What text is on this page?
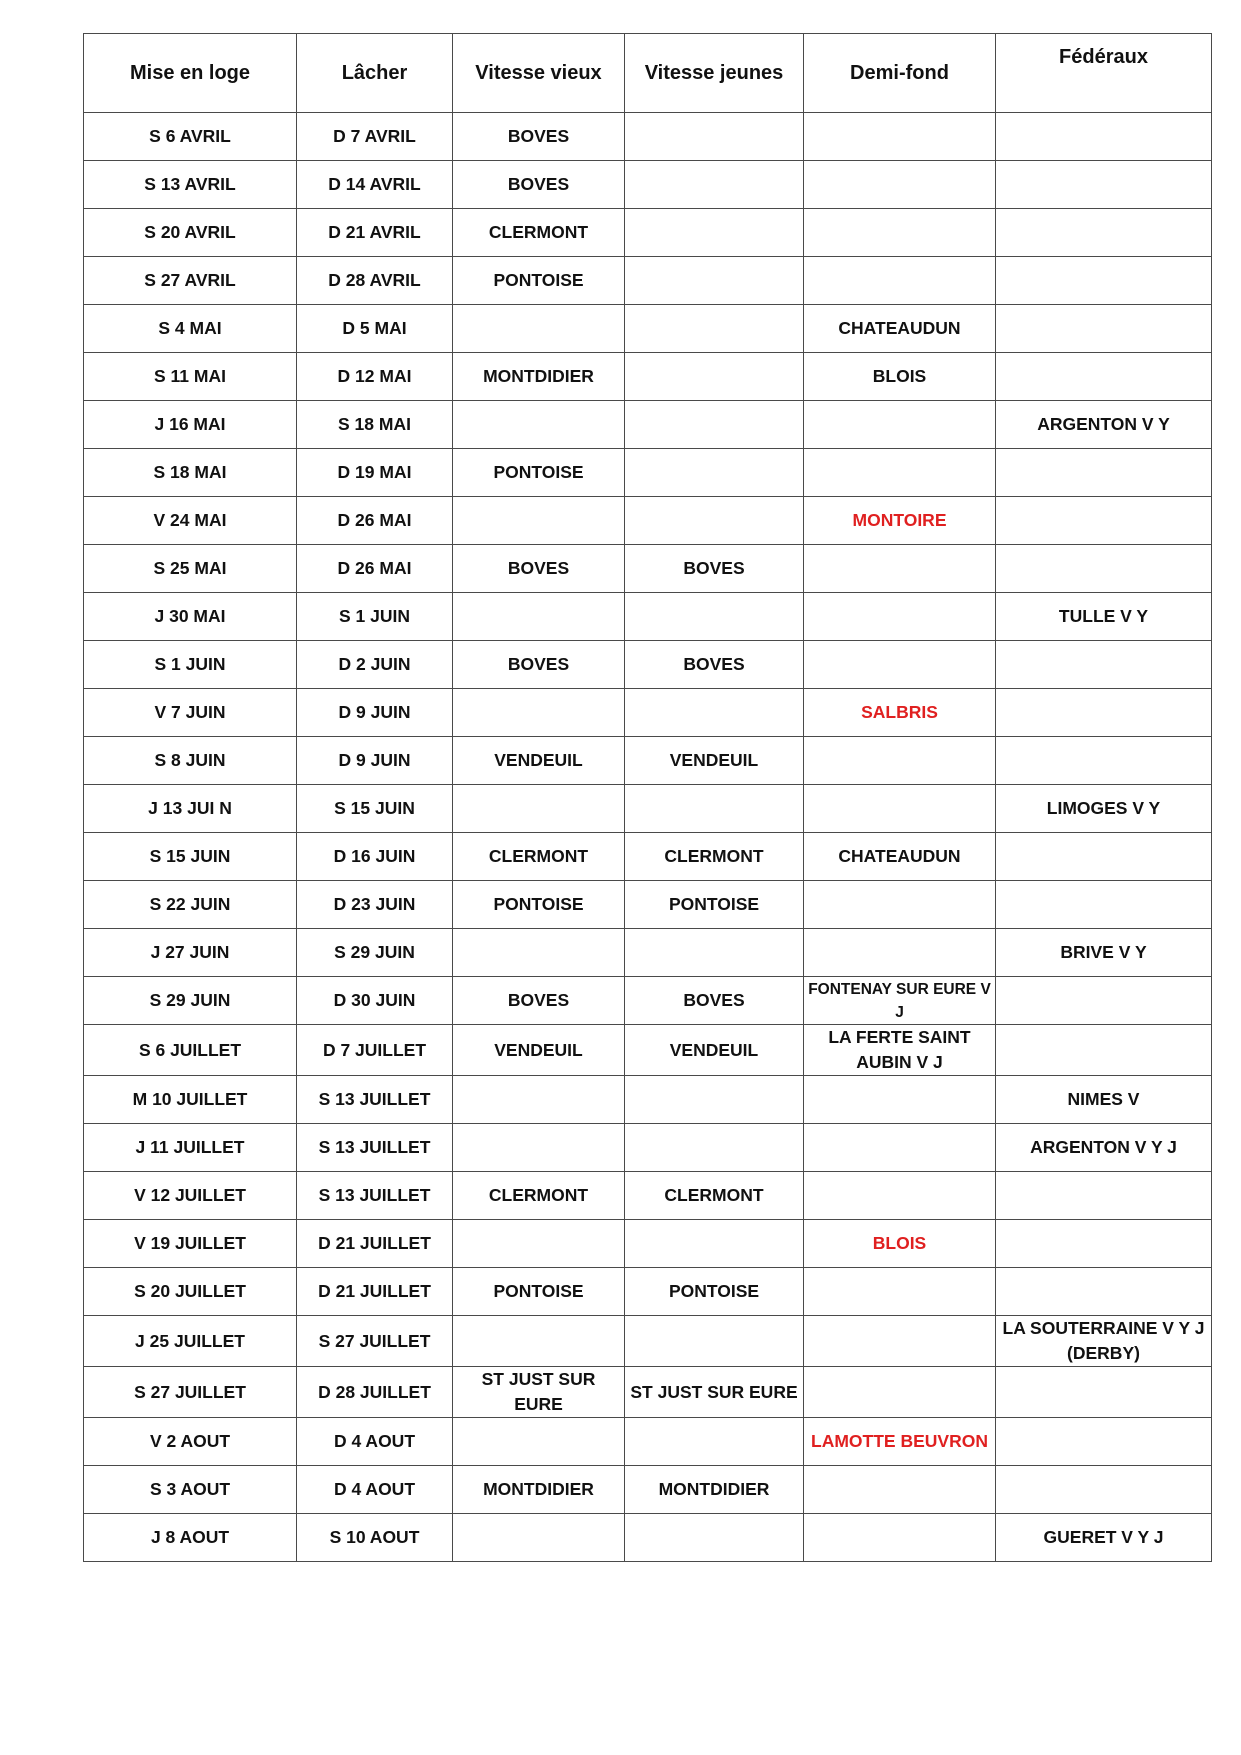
Mise en loge	Lâcher	Vitesse vieux	Vitesse jeunes	Demi-fond	Fédéraux
S 6 AVRIL	D 7 AVRIL	BOVES			
S 13 AVRIL	D 14 AVRIL	BOVES			
S 20 AVRIL	D 21 AVRIL	CLERMONT			
S 27 AVRIL	D 28 AVRIL	PONTOISE			
S 4 MAI	D 5 MAI			CHATEAUDUN	
S 11 MAI	D 12 MAI	MONTDIDIER		BLOIS	
J 16 MAI	S 18 MAI				ARGENTON V Y
S 18 MAI	D 19 MAI	PONTOISE			
V 24 MAI	D 26 MAI			MONTOIRE	
S 25 MAI	D 26 MAI	BOVES	BOVES		
J 30 MAI	S 1 JUIN				TULLE V Y
S 1 JUIN	D 2 JUIN	BOVES	BOVES		
V 7 JUIN	D 9 JUIN			SALBRIS	
S 8 JUIN	D 9 JUIN	VENDEUIL	VENDEUIL		
J 13 JUI N	S 15 JUIN				LIMOGES V Y
S 15 JUIN	D 16 JUIN	CLERMONT	CLERMONT	CHATEAUDUN	
S 22 JUIN	D 23 JUIN	PONTOISE	PONTOISE		
J 27 JUIN	S 29 JUIN				BRIVE V Y
S 29 JUIN	D 30 JUIN	BOVES	BOVES	FONTENAY SUR EURE V J	
S 6 JUILLET	D 7 JUILLET	VENDEUIL	VENDEUIL	LA FERTE SAINT AUBIN V J	
M 10 JUILLET	S 13 JUILLET				NIMES V
J 11 JUILLET	S 13 JUILLET				ARGENTON V Y J
V 12 JUILLET	S 13 JUILLET	CLERMONT	CLERMONT		
V 19 JUILLET	D 21 JUILLET			BLOIS	
S 20 JUILLET	D 21 JUILLET	PONTOISE	PONTOISE		
J 25 JUILLET	S 27 JUILLET				LA SOUTERRAINE V Y J (DERBY)
S 27 JUILLET	D 28 JUILLET	ST JUST SUR EURE	ST JUST SUR EURE		
V 2 AOUT	D 4 AOUT			LAMOTTE BEUVRON	
S 3 AOUT	D 4 AOUT	MONTDIDIER	MONTDIDIER		
J 8 AOUT	S 10 AOUT				GUERET V Y J
